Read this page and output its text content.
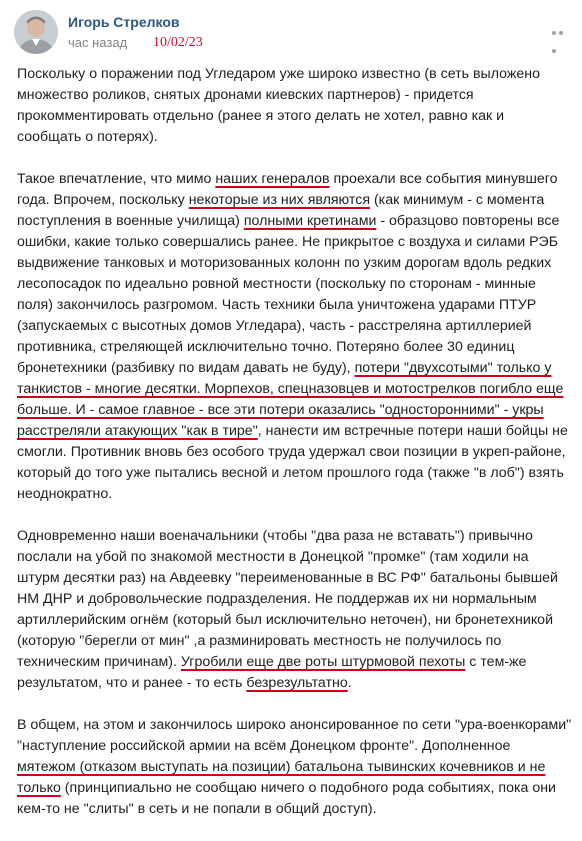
Игорь Стрелков
час назад 10/02/23

Поскольку о поражении под Угледаром уже широко известно (в сеть выложено множество роликов, снятых дронами киевских партнеров) - придется прокомментировать отдельно (ранее я этого делать не хотел, равно как и сообщать о потерях).

Такое впечатление, что мимо наших генералов проехали все события минувшего года. Впрочем, поскольку некоторые из них являются (как минимум - с момента поступления в военные училища) полными кретинами - образцово повторены все ошибки, какие только совершались ранее. Не прикрытое с воздуха и силами РЭБ выдвижение танковых и моторизованных колонн по узким дорогам вдоль редких лесопосадок по идеально ровной местности (поскольку по сторонам - минные поля) закончилось разгромом. Часть техники была уничтожена ударами ПТУР (запускаемых с высотных домов Угледара), часть - расстреляна артиллерией противника, стреляющей исключительно точно. Потеряно более 30 единиц бронетехники (разбивку по видам давать не буду), потери "двухсотыми" только у танкистов - многие десятки. Морпехов, спецназовцев и мотострелков погибло еще больше. И - самое главное - все эти потери оказались "односторонними" - укры расстреляли атакующих "как в тире", нанести им встречные потери наши бойцы не смогли. Противник вновь без особого труда удержал свои позиции в укреп-районе, который до того уже пытались весной и летом прошлого года (также "в лоб") взять неоднократно.

Одновременно наши военачальники (чтобы "два раза не вставать") привычно послали на убой по знакомой местности в Донецкой "промке" (там ходили на штурм десятки раз) на Авдеевку "переименованные в ВС РФ" батальоны бывшей НМ ДНР и добровольческие подразделения. Не поддержав их ни нормальным артиллерийским огнём (который был исключительно неточен), ни бронетехникой (которую "берегли от мин" ,а разминировать местность не получилось по техническим причинам). Угробили еще две роты штурмовой пехоты с тем-же результатом, что и ранее - то есть безрезультатно.

В общем, на этом и закончилось широко анонсированное по сети "ура-военкорами" "наступление российской армии на всём Донецком фронте". Дополненное мятежом (отказом выступать на позиции) батальона тывинских кочевников и не только (принципиально не сообщаю ничего о подобного рода событиях, пока они кем-то не "слиты" в сеть и не попали в общий доступ).
